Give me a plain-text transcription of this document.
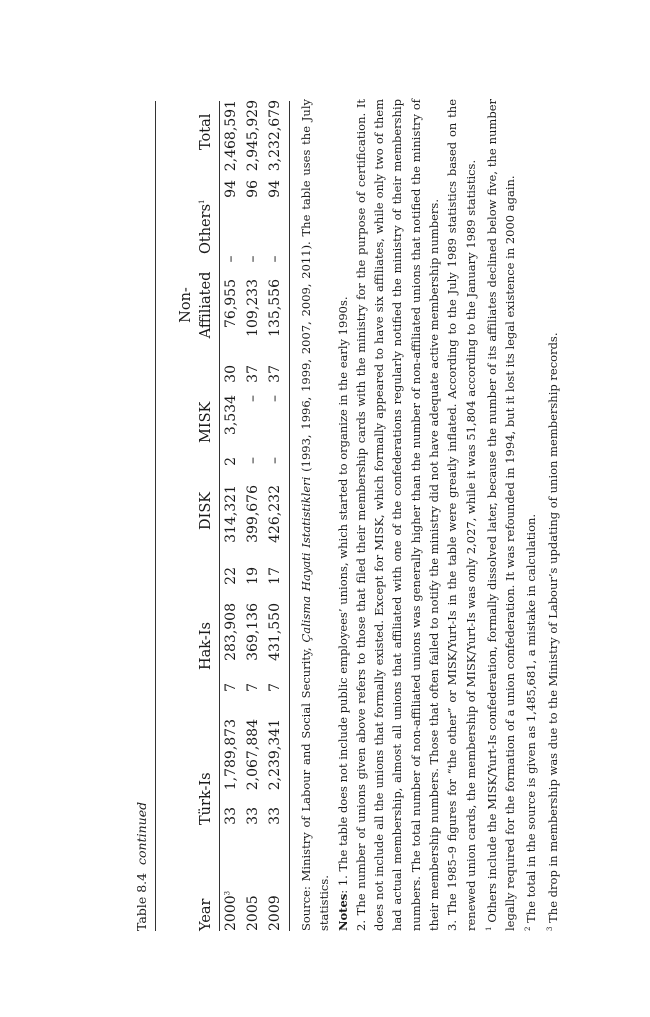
Table 8.4  continued
Year
Türk-Is
Hak-Is
DISK
MISK
Non- Affiliated
Others$^1$
Total
2000$^3$
33
1,789,873
7
283,908
22
314,321
2
3,534
30
76,955
–
94
2,468,591
2005
33
2,067,884
7
369,136
19
399,676
–
–
37
109,233
–
96
2,945,929
2009
33
2,239,341
7
431,550
17
426,232
–
–
37
135,556
–
94
3,232,679

Source: Ministry of Labour and Social Security, Çalisma Hayati Istatistikleri (1993, 1996, 1999, 2007, 2009, 2011). The table uses the July statistics. Notes: 1. The table does not include public employees’ unions, which started to organize in the early 1990s. 2. The number of unions given above refers to those that filed their membership cards with the ministry for the purpose of certification. It does not include all the unions that formally existed. Except for MISK, which formally appeared to have six affiliates, while only two of them had actual membership, almost all unions that affiliated with one of the confederations regularly notified the ministry of their membership numbers. The total number of non-affiliated unions was generally higher than the number of non-affiliated unions that notified the ministry of their membership numbers. Those that often failed to notify the ministry did not have adequate active membership numbers. 3. The 1985–9 figures for “the other” or MISK/Yurt-Is in the table were greatly inflated. According to the July 1989 statistics based on the renewed union cards, the membership of MISK/Yurt-Is was only 2,027, while it was 51,804 according to the January 1989 statistics.	$^1$ Others include the MISK/Yurt-Is confederation, formally dissolved later, because the number of its affiliates declined below five, the number legally required for the formation of a union confederation. It was refounded in 1994, but it lost its legal existence in 2000 again.	$^2$ The total in the source is given as 1,485,681, a mistake in calculation.

$^3$ The drop in membership was due to the Ministry of Labour’s updating of union membership records.
